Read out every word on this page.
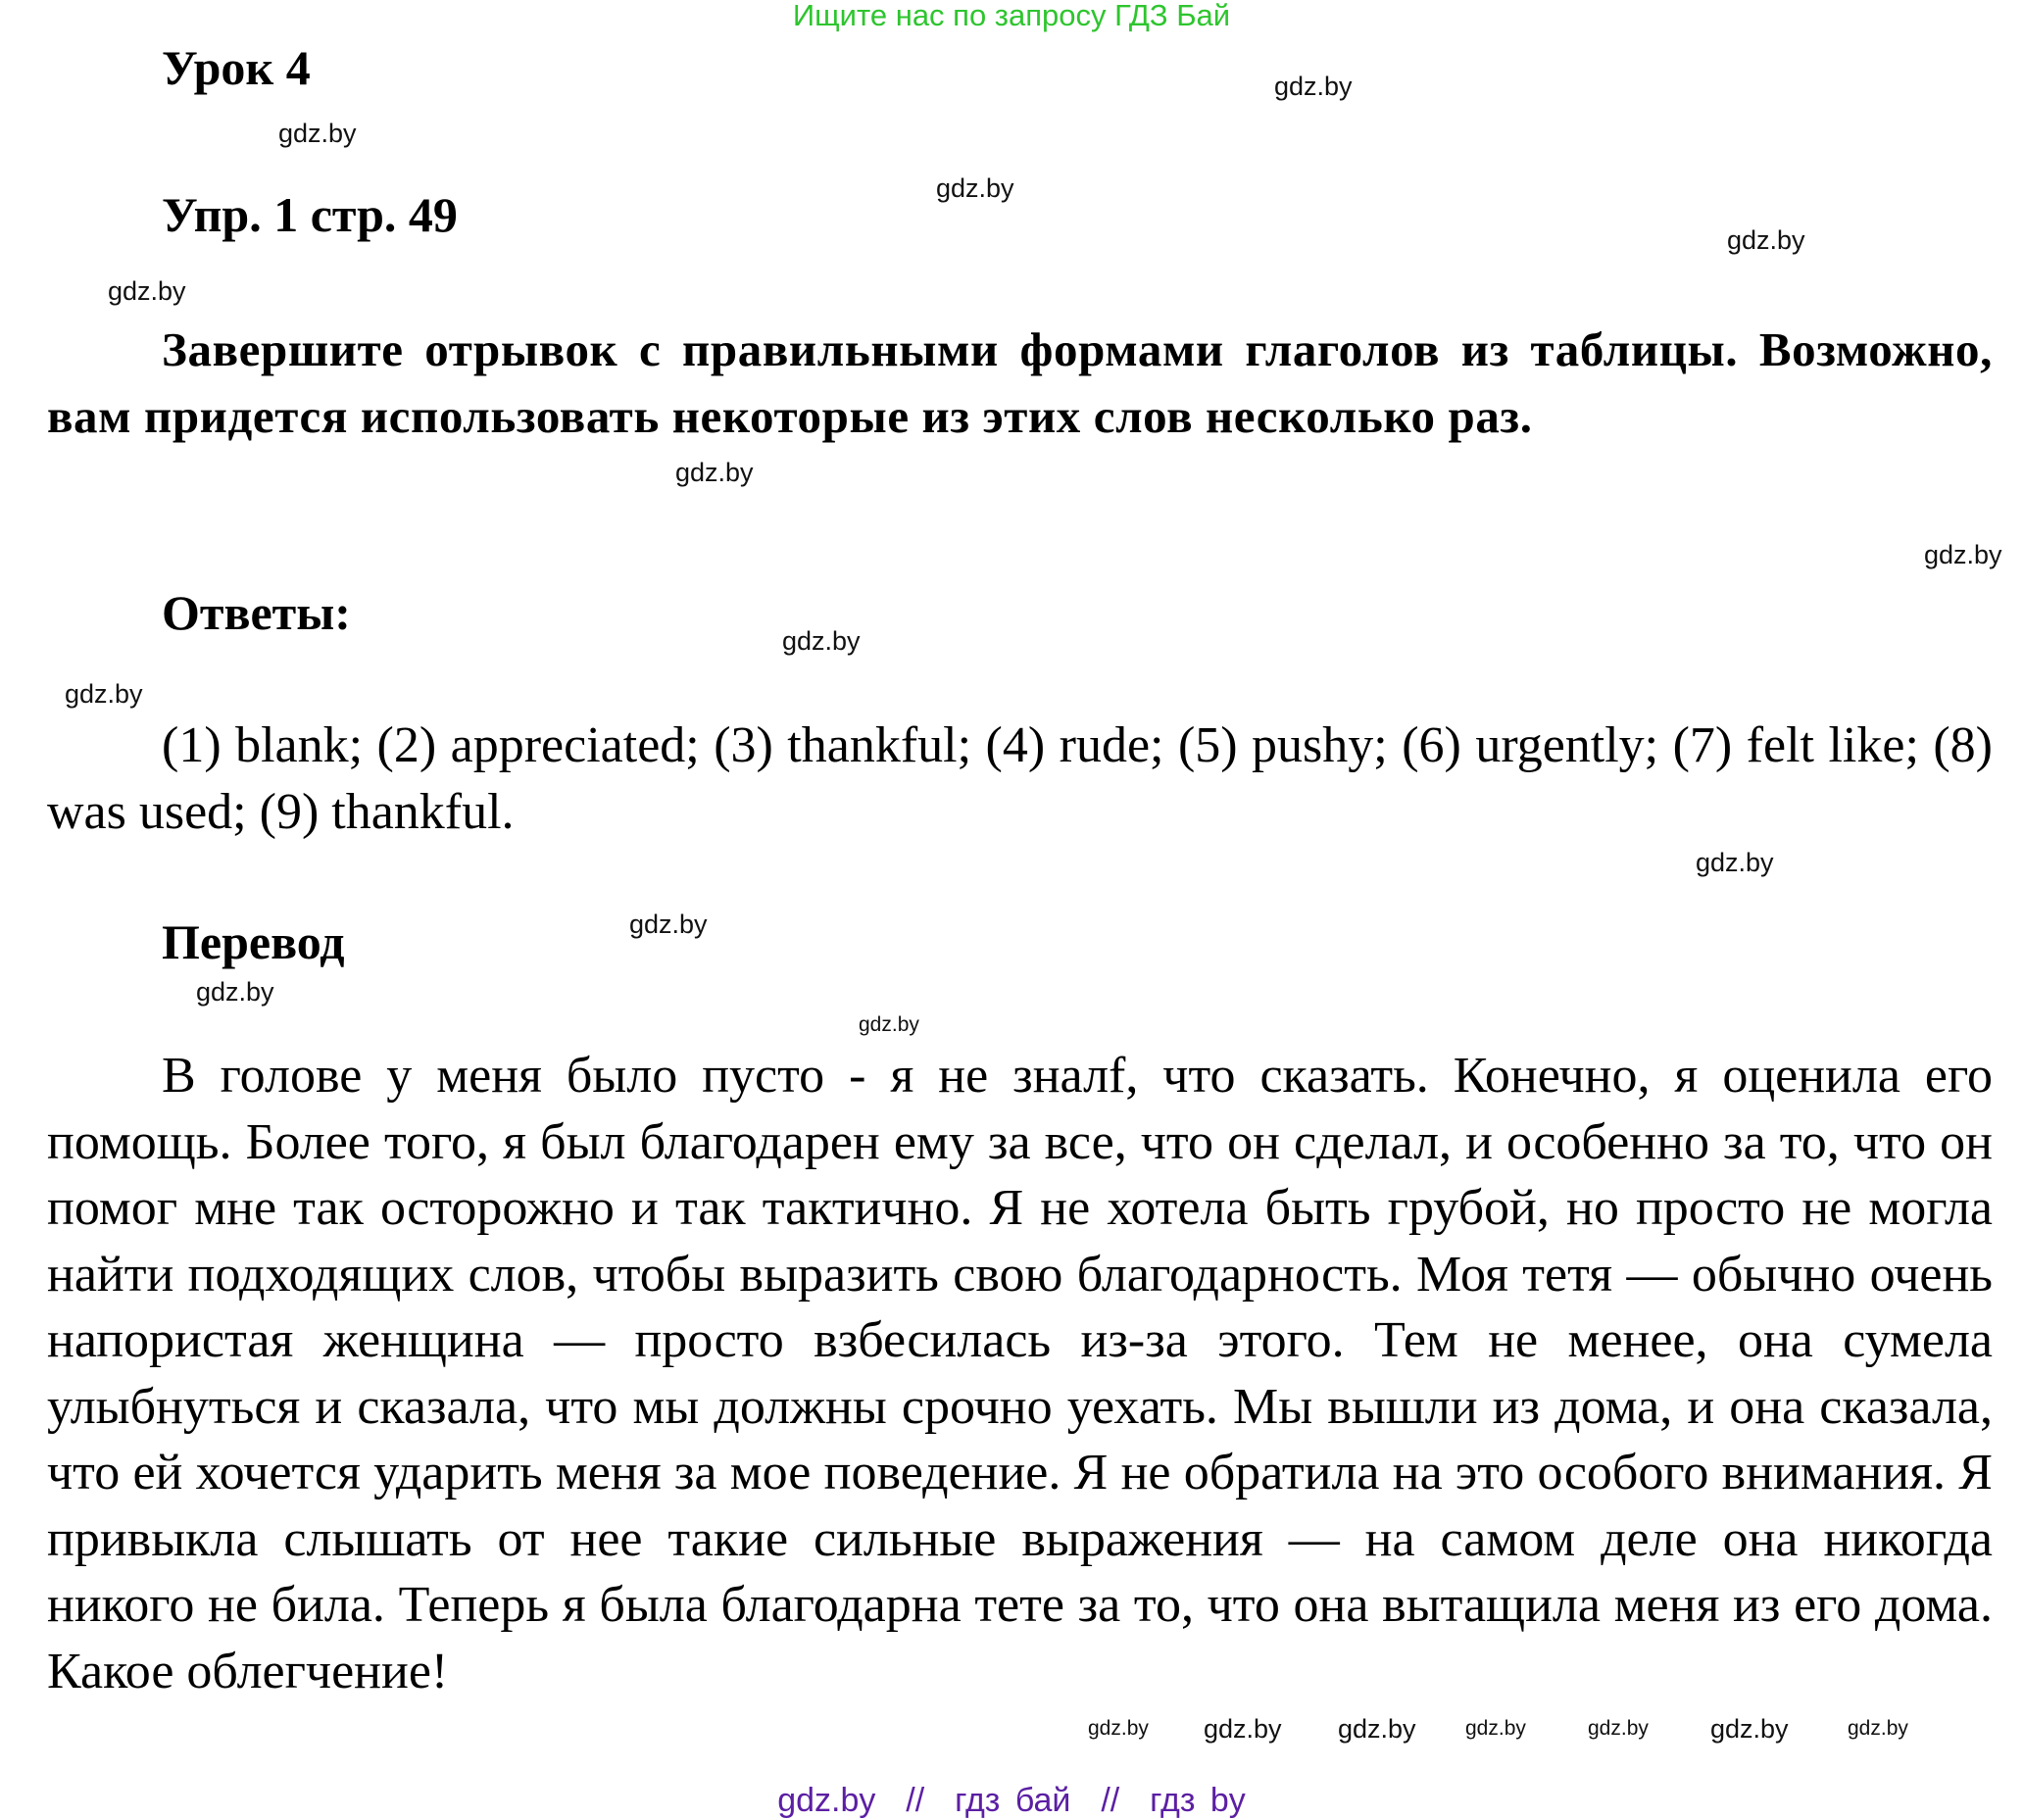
Ищите нас по запросу ГДЗ Бай
Урок 4
Упр. 1 стр. 49
Завершите отрывок с правильными формами глаголов из таблицы. Возможно, вам придется использовать некоторые из этих слов несколько раз.
Ответы:
(1) blank; (2) appreciated; (3) thankful; (4) rude; (5) pushy; (6) urgently; (7) felt like; (8) was used; (9) thankful.
Перевод
В голове у меня было пусто - я не зналf, что сказать. Конечно, я оценила его помощь. Более того, я был благодарен ему за все, что он сделал, и особенно за то, что он помог мне так осторожно и так тактично. Я не хотела быть грубой, но просто не могла найти подходящих слов, чтобы выразить свою благодарность. Моя тетя — обычно очень напористая женщина — просто взбесилась из-за этого. Тем не менее, она сумела улыбнуться и сказала, что мы должны срочно уехать. Мы вышли из дома, и она сказала, что ей хочется ударить меня за мое поведение. Я не обратила на это особого внимания. Я привыкла слышать от нее такие сильные выражения — на самом деле она никогда никого не била. Теперь я была благодарна тете за то, что она вытащила меня из его дома. Какое облегчение!
gdz.by
gdz.by
gdz.by
gdz.by
gdz.by
gdz.by
gdz.by
gdz.by
gdz.by
gdz.by
gdz.by
gdz.by
gdz.by
gdz.by gdz.by gdz.by gdz.by	gdz.by gdz.by	gdz.by
gdz.by  //  гдз бай  //  гдз by
